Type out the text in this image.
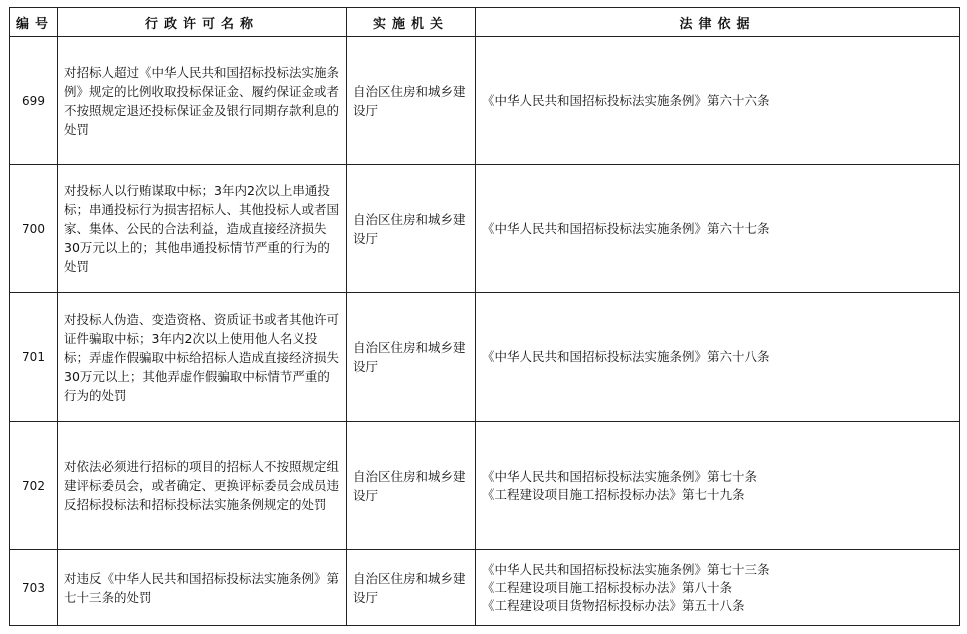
编号	行政许可名称	实施机关	法律依据
699	对招标人超过《中华人民共和国招标投标法实施条例》规定的比例收取投标保证金、履约保证金或者不按照规定退还投标保证金及银行同期存款利息的处罚	自治区住房和城乡建设厅	《中华人民共和国招标投标法实施条例》第六十六条

700	对投标人以行贿谋取中标；3年内2次以上串通投标；串通投标行为损害招标人、其他投标人或者国家、集体、公民的合法利益，造成直接经济损失30万元以上的；其他串通投标情节严重的行为的处罚	自治区住房和城乡建设厅	《中华人民共和国招标投标法实施条例》第六十七条

701	对投标人伪造、变造资格、资质证书或者其他许可证件骗取中标；3年内2次以上使用他人名义投标；弄虚作假骗取中标给招标人造成直接经济损失30万元以上；其他弄虚作假骗取中标情节严重的行为的处罚	自治区住房和城乡建设厅	《中华人民共和国招标投标法实施条例》第六十八条

702	对依法必须进行招标的项目的招标人不按照规定组建评标委员会，或者确定、更换评标委员会成员违反招标投标法和招标投标法实施条例规定的处罚	自治区住房和城乡建设厅	《中华人民共和国招标投标法实施条例》第七十条
《工程建设项目施工招标投标办法》第七十九条

703	对违反《中华人民共和国招标投标法实施条例》第七十三条的处罚	自治区住房和城乡建设厅	《中华人民共和国招标投标法实施条例》第七十三条
《工程建设项目施工招标投标办法》第八十条
《工程建设项目货物招标投标办法》第五十八条
